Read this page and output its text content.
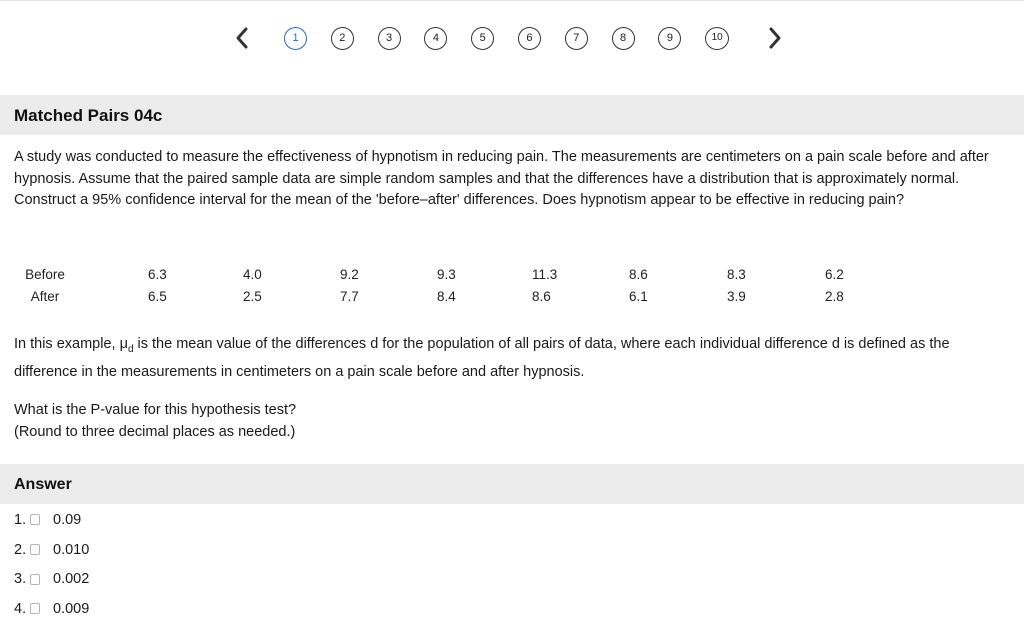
1	2	3	4	5	6	7	8	9	10
Matched Pairs 04c
A study was conducted to measure the effectiveness of hypnotism in reducing pain. The measurements are centimeters on a pain scale before and after hypnosis. Assume that the paired sample data are simple random samples and that the differences have a distribution that is approximately normal. Construct a 95% confidence interval for the mean of the 'before–after' differences. Does hypnotism appear to be effective in reducing pain?
Before	6.3	4.0	9.2	9.3	11.3	8.6	8.3	6.2
After	6.5	2.5	7.7	8.4	8.6	6.1	3.9	2.8
In this example, $\mu_d$ is the mean value of the differences d for the population of all pairs of data, where each individual difference d is defined as the difference in the measurements in centimeters on a pain scale before and after hypnosis.
What is the P-value for this hypothesis test?
(Round to three decimal places as needed.)
Answer
1. 0.09
2. 0.010
3. 0.002
4. 0.009
